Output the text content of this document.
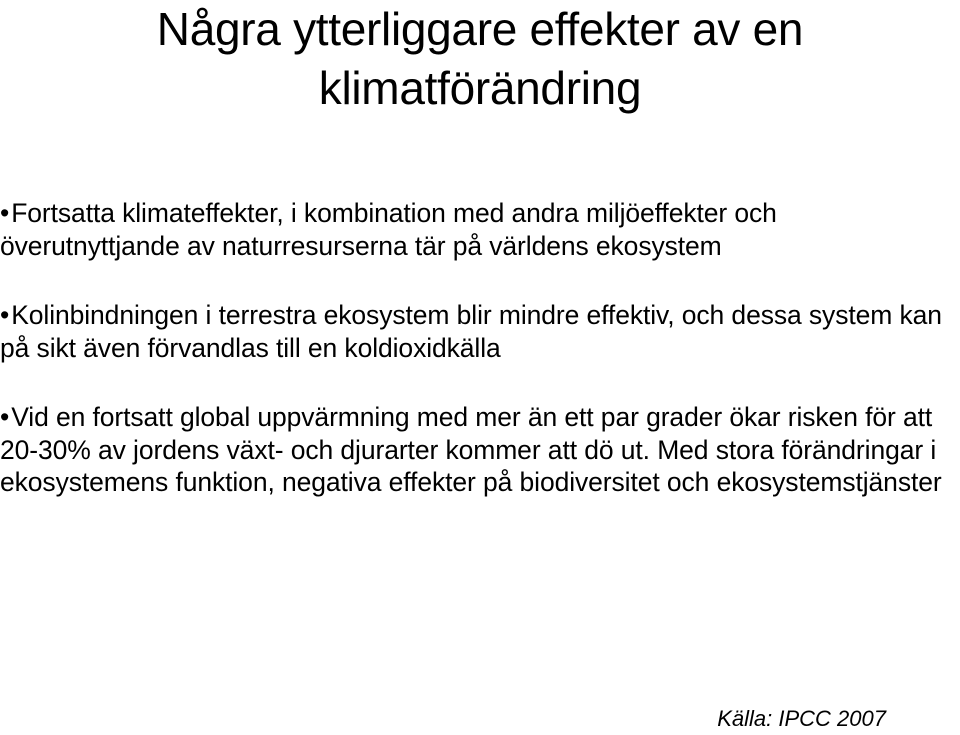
Några ytterliggare effekter av en klimatförändring
•Fortsatta klimateffekter, i kombination med andra miljöeffekter och överutnyttjande av naturresurserna tär på världens ekosystem
•Kolinbindningen i terrestra ekosystem blir mindre effektiv, och dessa system kan på sikt även förvandlas till en koldioxidkälla
•Vid en fortsatt global uppvärmning med mer än ett par grader ökar risken för att 20-30% av jordens växt- och djurarter kommer att dö ut. Med stora förändringar i ekosystemens funktion, negativa effekter på biodiversitet och ekosystemstjänster
Källa: IPCC 2007
